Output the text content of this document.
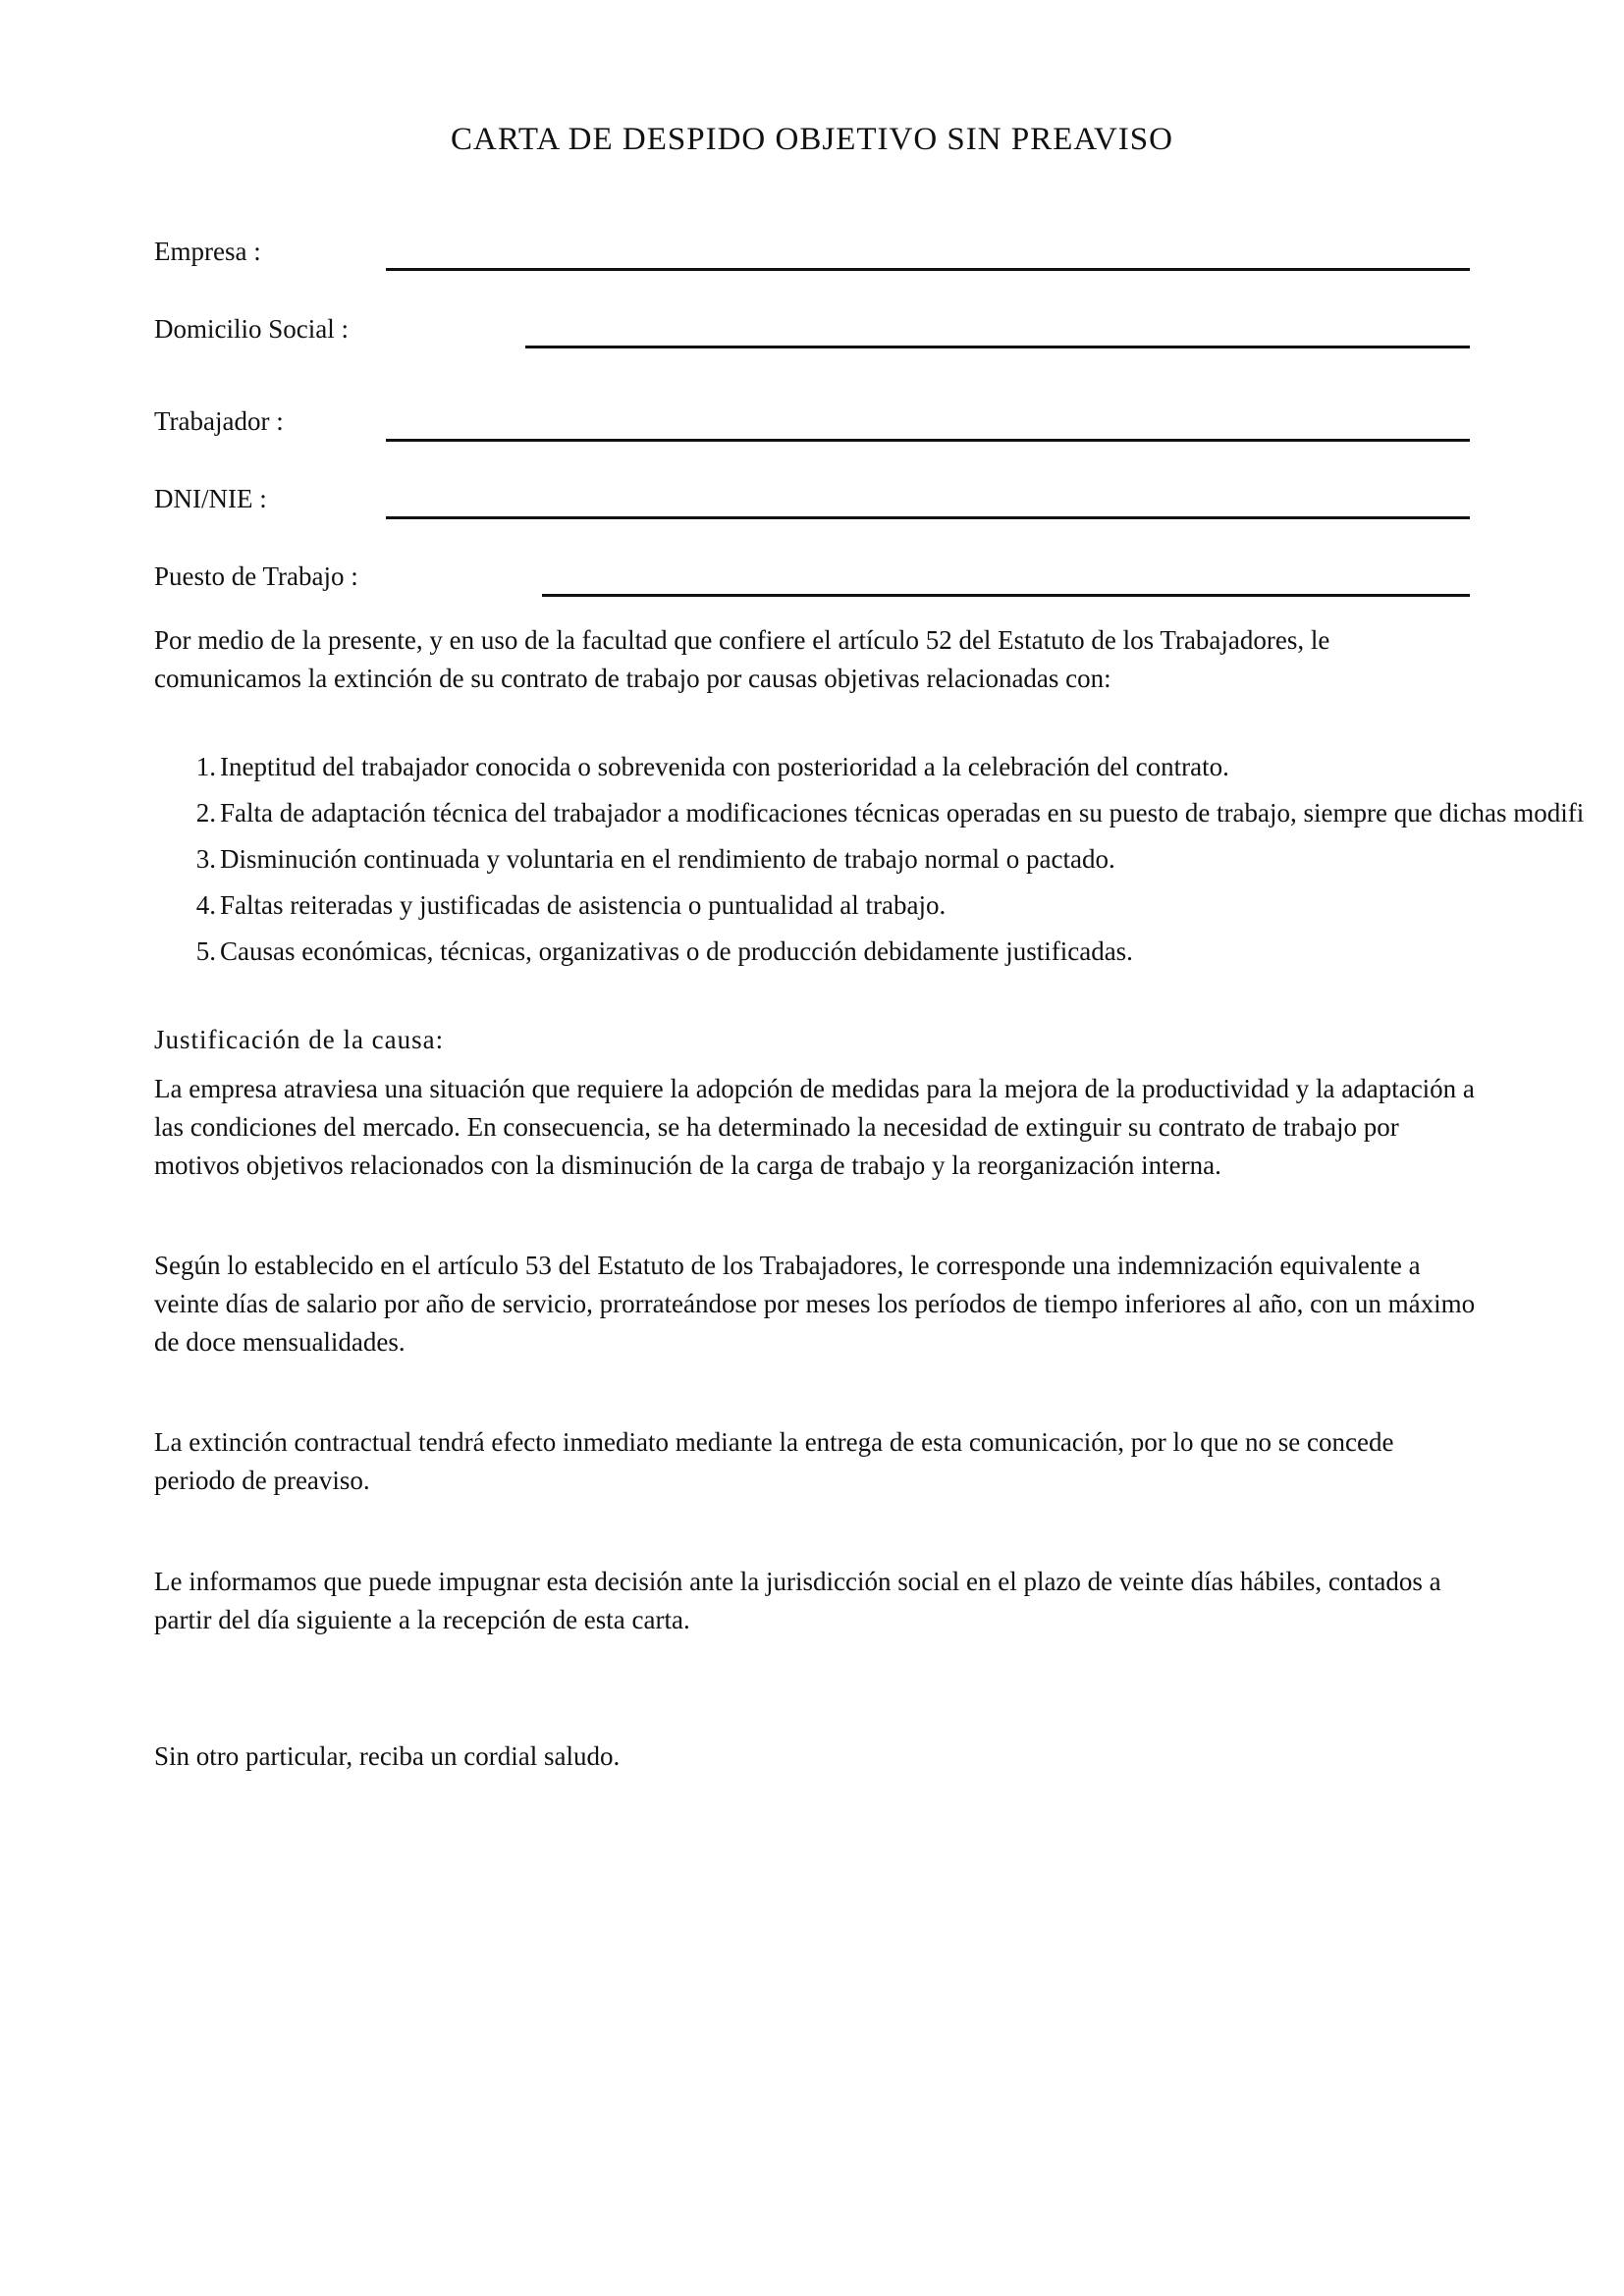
CARTA DE DESPIDO OBJETIVO SIN PREAVISO
Empresa :
Domicilio Social :
Trabajador :
DNI/NIE :
Puesto de Trabajo :

Por medio de la presente, y en uso de la facultad que confiere el artículo 52 del Estatuto de los Trabajadores, le comunicamos la extinción de su contrato de trabajo por causas objetivas relacionadas con:

1. Ineptitud del trabajador conocida o sobrevenida con posterioridad a la celebración del contrato.
2. Falta de adaptación técnica del trabajador a modificaciones técnicas operadas en su puesto de trabajo, siempre que dichas modifi
3. Disminución continuada y voluntaria en el rendimiento de trabajo normal o pactado.
4. Faltas reiteradas y justificadas de asistencia o puntualidad al trabajo.
5. Causas económicas, técnicas, organizativas o de producción debidamente justificadas.
Justificación de la causa:

La empresa atraviesa una situación que requiere la adopción de medidas para la mejora de la productividad y la adaptación a las condiciones del mercado. En consecuencia, se ha determinado la necesidad de extinguir su contrato de trabajo por motivos objetivos relacionados con la disminución de la carga de trabajo y la reorganización interna.

Según lo establecido en el artículo 53 del Estatuto de los Trabajadores, le corresponde una indemnización equivalente a veinte días de salario por año de servicio, prorrateándose por meses los períodos de tiempo inferiores al año, con un máximo de doce mensualidades.

La extinción contractual tendrá efecto inmediato mediante la entrega de esta comunicación, por lo que no se concede periodo de preaviso.

Le informamos que puede impugnar esta decisión ante la jurisdicción social en el plazo de veinte días hábiles, contados a partir del día siguiente a la recepción de esta carta.

Sin otro particular, reciba un cordial saludo.
